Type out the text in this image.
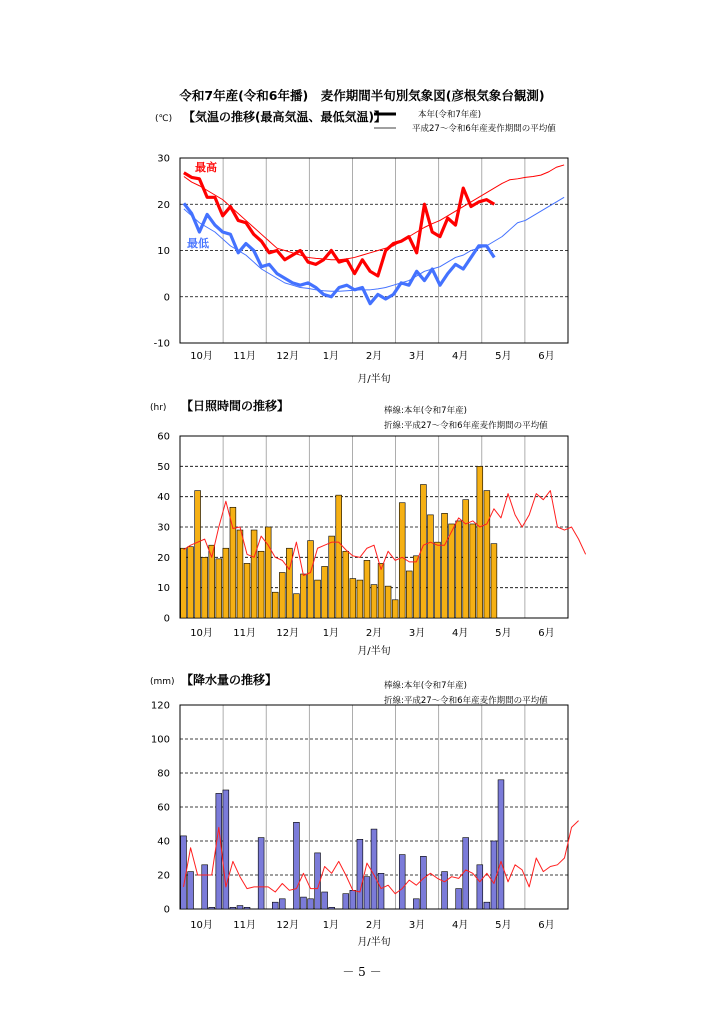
令和7年産(令和6年播)　麦作期間半旬別気象図(彦根気象台観測)
-10
0
10
20
30
10月 11月 12月 1月	2月	3月	4月	5月	6月
月/半旬
(℃) 【気温の推移(最高気温、最低気温)】
最高
最低
本年(令和7年産)
平成27～令和6年産麦作期間の平均値
0
10
20
30
40
50
60
10月 11月 12月 1月	2月	3月	4月	5月	6月
月/半旬
(hr) 【日照時間の推移】	棒線:本年(令和7年産)
折線:平成27～令和6年産麦作期間の平均値
0
20
40
60
80
100
120
10月 11月 12月 1月	2月	3月	4月	5月	6月
月/半旬
(mm) 【降水量の推移】	棒線:本年(令和7年産)
折線:平成27～令和6年産麦作期間の平均値
－ 5 －
